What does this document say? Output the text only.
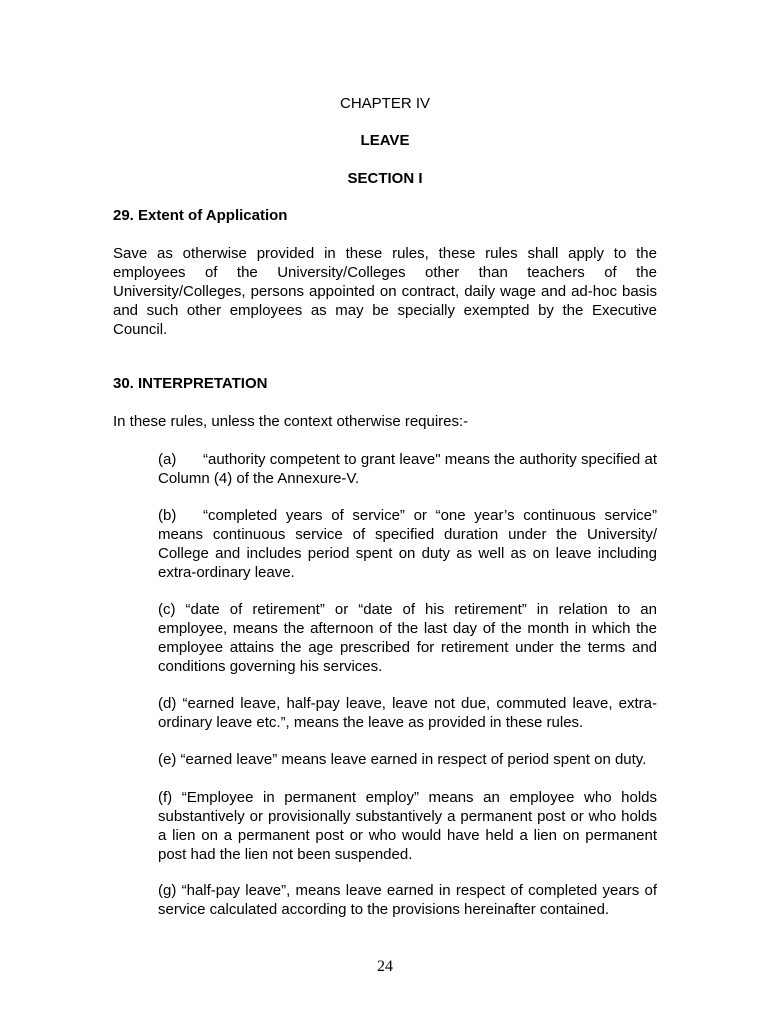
CHAPTER IV
LEAVE
SECTION I
29. Extent of Application

Save as otherwise provided in these rules, these rules shall apply to the employees of the University/Colleges other than teachers of the University/Colleges, persons appointed on contract, daily wage and ad-hoc basis and such other employees as may be specially exempted by the Executive Council.

30. INTERPRETATION

In these rules, unless the context otherwise requires:-

(a) “authority competent to grant leave" means the authority specified at Column (4) of the Annexure-V.

(b) “completed years of service” or “one year’s continuous service” means continuous service of specified duration under the University/ College and includes period spent on duty as well as on leave including extra-ordinary leave.

(c) “date of retirement” or “date of his retirement” in relation to an employee, means the afternoon of the last day of the month in which the employee attains the age prescribed for retirement under the terms and conditions governing his services.

(d) “earned leave, half-pay leave, leave not due, commuted leave, extra-ordinary leave etc.”, means the leave as provided in these rules.

(e) “earned leave” means leave earned in respect of period spent on duty.

(f) “Employee in permanent employ” means an employee who holds substantively or provisionally substantively a permanent post or who holds a lien on a permanent post or who would have held a lien on permanent post had the lien not been suspended.

(g) “half-pay leave”, means leave earned in respect of completed years of service calculated according to the provisions hereinafter contained.

24
